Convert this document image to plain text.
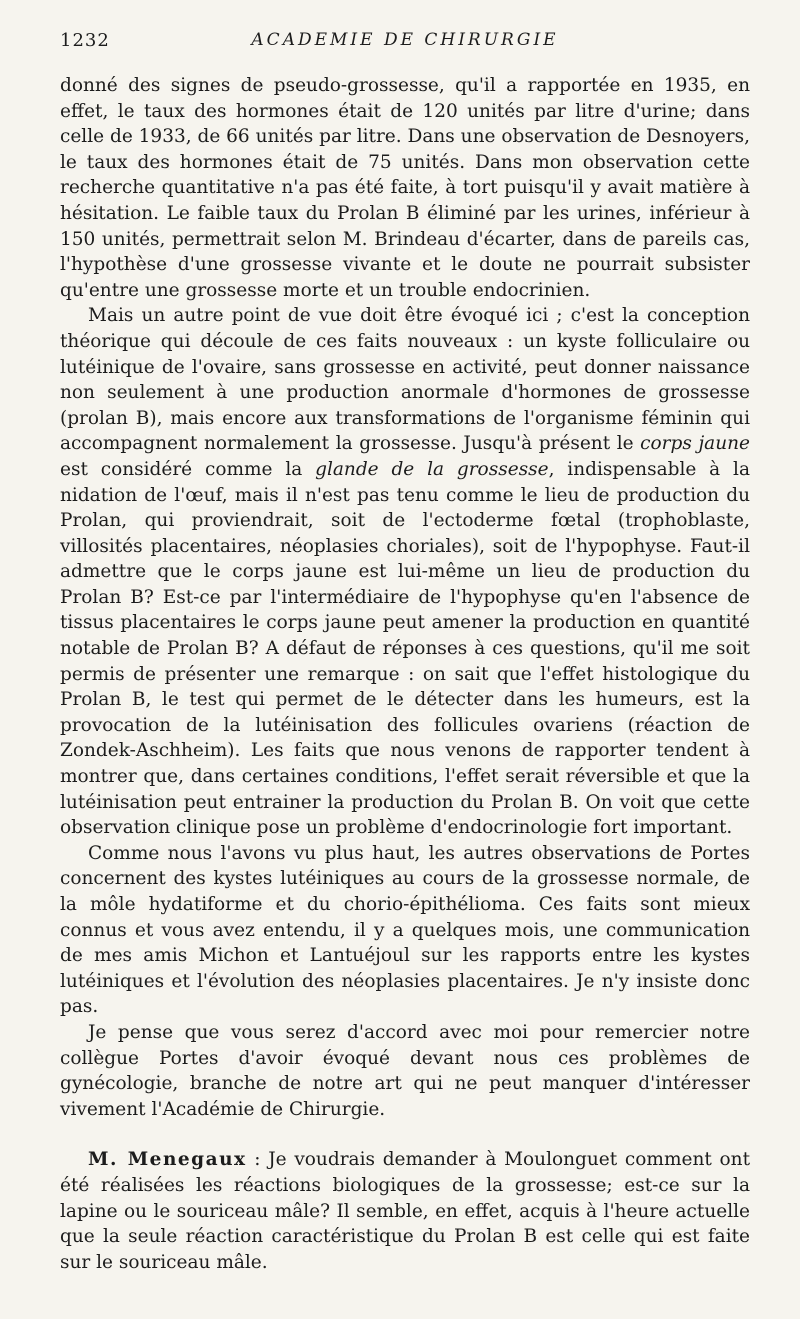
1232	ACADEMIE DE CHIRURGIE

donné des signes de pseudo-grossesse, qu'il a rapportée en 1935, en effet, le taux des hormones était de 120 unités par litre d'urine; dans celle de 1933, de 66 unités par litre. Dans une observation de Desnoyers, le taux des hormones était de 75 unités. Dans mon observation cette recherche quantitative n'a pas été faite, à tort puisqu'il y avait matière à hésitation. Le faible taux du Prolan B éliminé par les urines, inférieur à 150 unités, permettrait selon M. Brindeau d'écarter, dans de pareils cas, l'hypothèse d'une grossesse vivante et le doute ne pourrait subsister qu'entre une grossesse morte et un trouble endocrinien.

Mais un autre point de vue doit être évoqué ici ; c'est la conception théorique qui découle de ces faits nouveaux : un kyste folliculaire ou lutéinique de l'ovaire, sans grossesse en activité, peut donner naissance non seulement à une production anormale d'hormones de grossesse (prolan B), mais encore aux transformations de l'organisme féminin qui accompagnent normalement la grossesse. Jusqu'à présent le corps jaune est considéré comme la glande de la grossesse, indispensable à la nidation de l'œuf, mais il n'est pas tenu comme le lieu de production du Prolan, qui proviendrait, soit de l'ectoderme fœtal (trophoblaste, villosités placentaires, néoplasies choriales), soit de l'hypophyse. Faut-il admettre que le corps jaune est lui-même un lieu de production du Prolan B? Est-ce par l'intermédiaire de l'hypophyse qu'en l'absence de tissus placentaires le corps jaune peut amener la production en quantité notable de Prolan B? A défaut de réponses à ces questions, qu'il me soit permis de présenter une remarque : on sait que l'effet histologique du Prolan B, le test qui permet de le détecter dans les humeurs, est la provocation de la lutéinisation des follicules ovariens (réaction de Zondek-Aschheim). Les faits que nous venons de rapporter tendent à montrer que, dans certaines conditions, l'effet serait réversible et que la lutéinisation peut entrainer la production du Prolan B. On voit que cette observation clinique pose un problème d'endocrinologie fort important.

Comme nous l'avons vu plus haut, les autres observations de Portes concernent des kystes lutéiniques au cours de la grossesse normale, de la môle hydatiforme et du chorio-épithélioma. Ces faits sont mieux connus et vous avez entendu, il y a quelques mois, une communication de mes amis Michon et Lantuéjoul sur les rapports entre les kystes lutéiniques et l'évolution des néoplasies placentaires. Je n'y insiste donc pas.

Je pense que vous serez d'accord avec moi pour remercier notre collègue Portes d'avoir évoqué devant nous ces problèmes de gynécologie, branche de notre art qui ne peut manquer d'intéresser vivement l'Académie de Chirurgie.

M. Menegaux : Je voudrais demander à Moulonguet comment ont été réalisées les réactions biologiques de la grossesse; est-ce sur la lapine ou le souriceau mâle? Il semble, en effet, acquis à l'heure actuelle que la seule réaction caractéristique du Prolan B est celle qui est faite sur le souriceau mâle.
